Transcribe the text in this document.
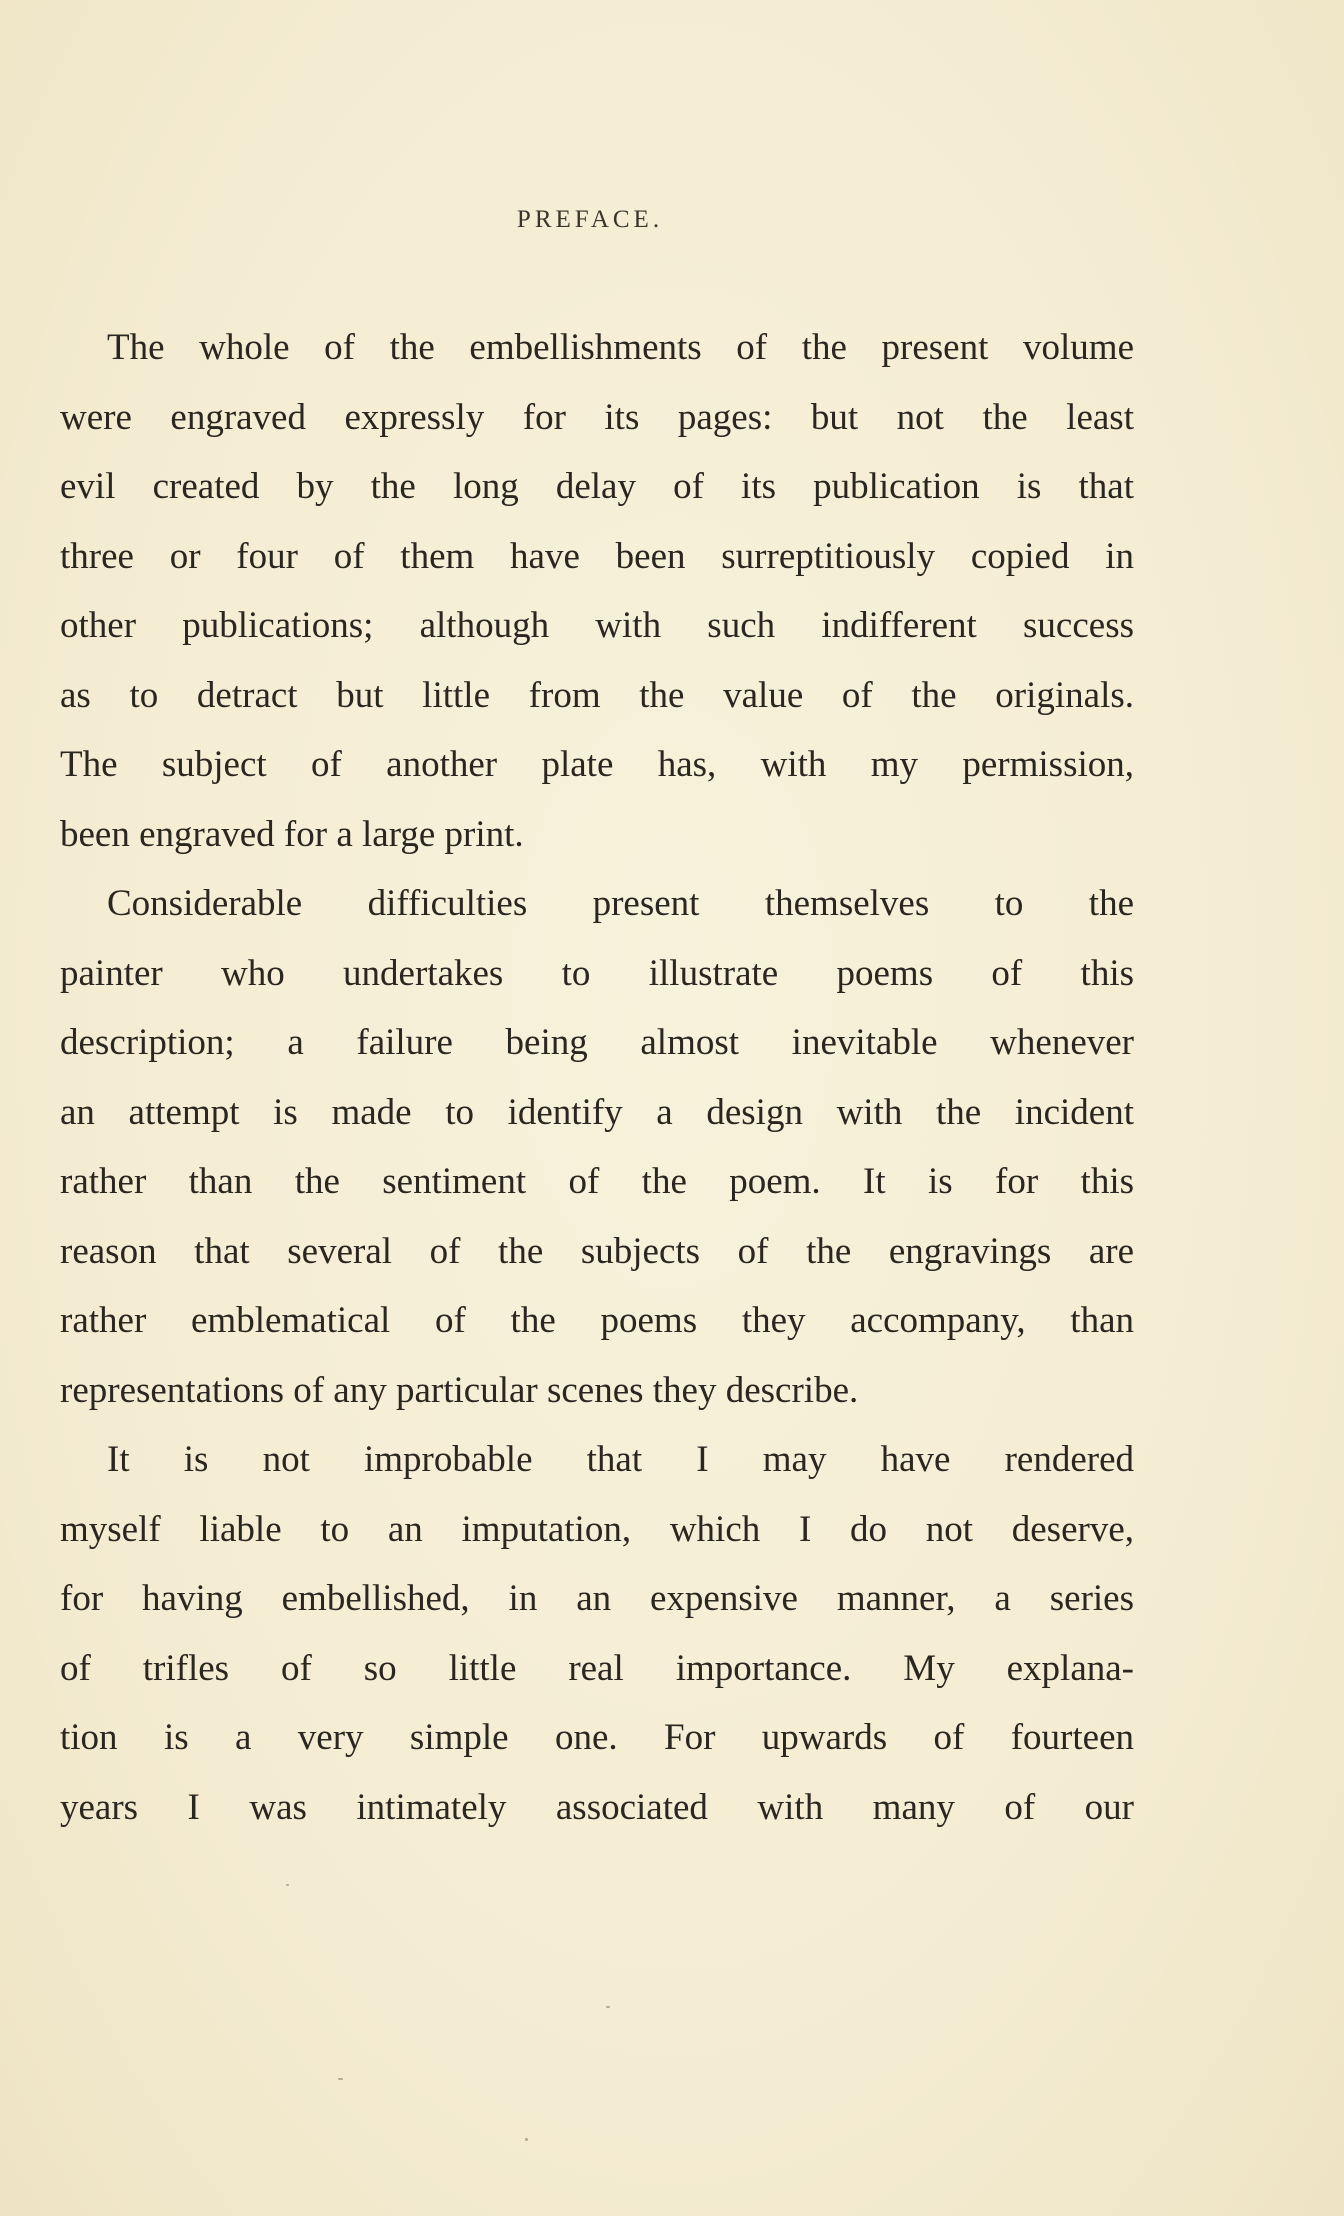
PREFACE.
The whole of the embellishments of the present volume
were engraved expressly for its pages: but not the least
evil created by the long delay of its publication is that
three or four of them have been surreptitiously copied in
other publications; although with such indifferent success
as to detract but little from the value of the originals.
The subject of another plate has, with my permission,
been engraved for a large print.
Considerable difficulties present themselves to the
painter who undertakes to illustrate poems of this
description; a failure being almost inevitable whenever
an attempt is made to identify a design with the incident
rather than the sentiment of the poem. It is for this
reason that several of the subjects of the engravings are
rather emblematical of the poems they accompany, than
representations of any particular scenes they describe.
It is not improbable that I may have rendered
myself liable to an imputation, which I do not deserve,
for having embellished, in an expensive manner, a series
of trifles of so little real importance. My explana-
tion is a very simple one. For upwards of fourteen
years I was intimately associated with many of our
